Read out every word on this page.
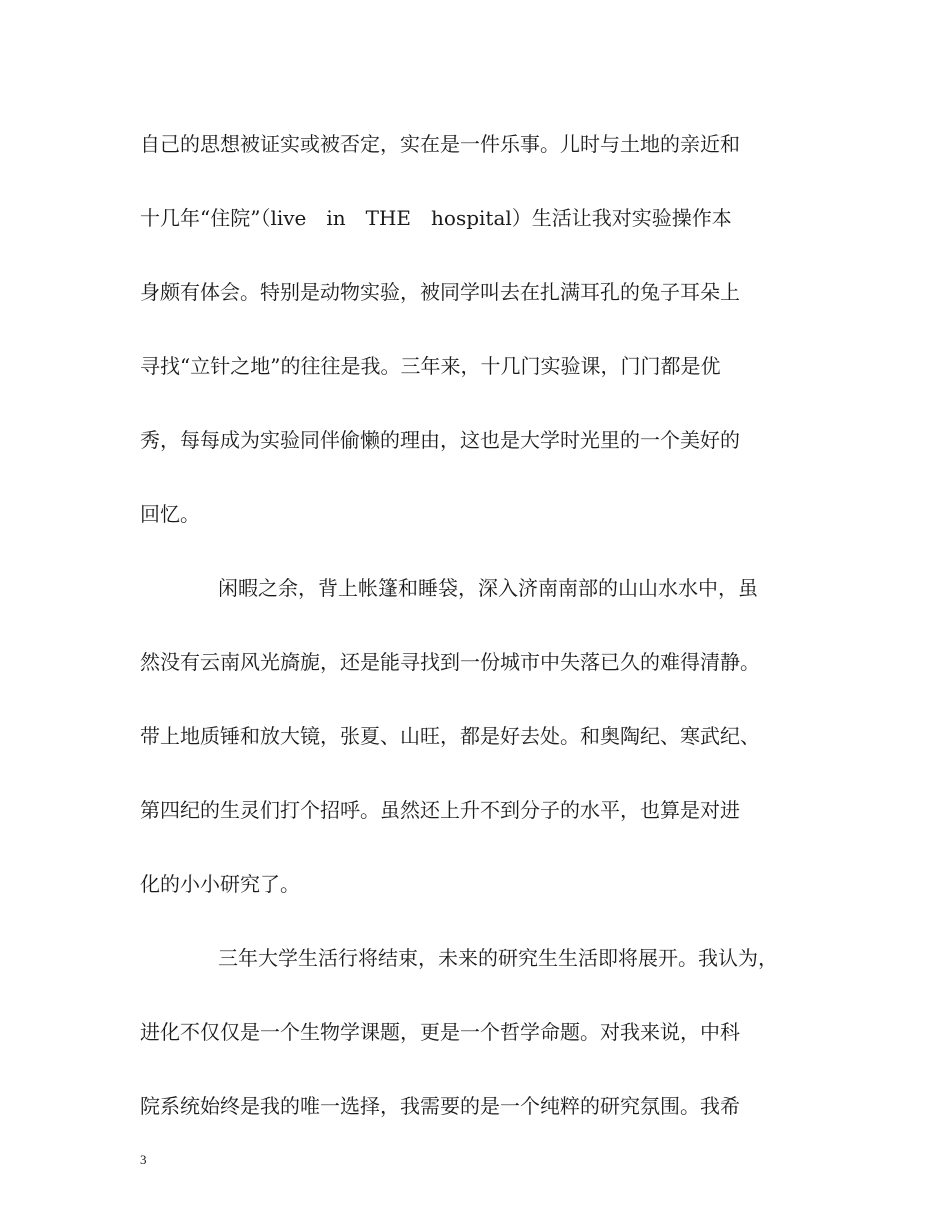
自己的思想被证实或被否定，实在是一件乐事。儿时与土地的亲近和
十几年“住院”（live　in　THE　hospital）生活让我对实验操作本
身颇有体会。特别是动物实验，被同学叫去在扎满耳孔的兔子耳朵上
寻找“立针之地”的往往是我。三年来，十几门实验课，门门都是优
秀，每每成为实验同伴偷懒的理由，这也是大学时光里的一个美好的
回忆。
闲暇之余，背上帐篷和睡袋，深入济南南部的山山水水中，虽
然没有云南风光旖旎，还是能寻找到一份城市中失落已久的难得清静。
带上地质锤和放大镜，张夏、山旺，都是好去处。和奥陶纪、寒武纪、
第四纪的生灵们打个招呼。虽然还上升不到分子的水平，也算是对进
化的小小研究了。
三年大学生活行将结束，未来的研究生生活即将展开。我认为，
进化不仅仅是一个生物学课题，更是一个哲学命题。对我来说，中科
院系统始终是我的唯一选择，我需要的是一个纯粹的研究氛围。我希
3
